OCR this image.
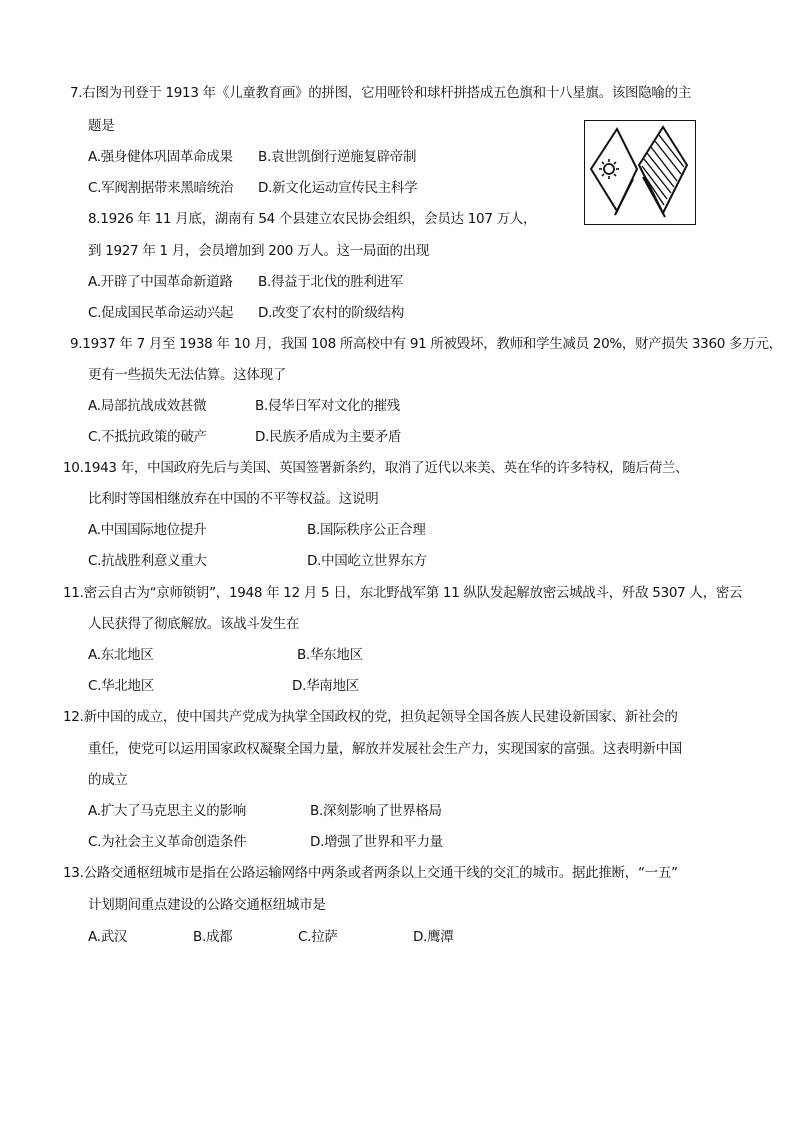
7.右图为刊登于 1913 年《儿童教育画》的拼图，它用哑铃和球杆拼搭成五色旗和十八星旗。该图隐喻的主
题是
A.强身健体巩固革命成果 B.袁世凯倒行逆施复辟帝制
C.军阀割据带来黑暗统治 D.新文化运动宣传民主科学
8.1926 年 11 月底，湖南有 54 个县建立农民协会组织，会员达 107 万人，
到 1927 年 1 月，会员增加到 200 万人。这一局面的出现
A.开辟了中国革命新道路 B.得益于北伐的胜利进军
C.促成国民革命运动兴起 D.改变了农村的阶级结构
9.1937 年 7 月至 1938 年 10 月，我国 108 所高校中有 91 所被毁坏，教师和学生减员 20%，财产损失 3360 多万元，
更有一些损失无法估算。这体现了
A.局部抗战成效甚微	B.侵华日军对文化的摧残
C.不抵抗政策的破产	D.民族矛盾成为主要矛盾
10.1943 年，中国政府先后与美国、英国签署新条约，取消了近代以来美、英在华的许多特权，随后荷兰、
比利时等国相继放弃在中国的不平等权益。这说明
A.中国国际地位提升	B.国际秩序公正合理
C.抗战胜利意义重大	D.中国屹立世界东方
11.密云自古为“京师锁钥”，1948 年 12 月 5 日，东北野战军第 11 纵队发起解放密云城战斗，歼敌 5307 人，密云
人民获得了彻底解放。该战斗发生在
A.东北地区	B.华东地区
C.华北地区	D.华南地区
12.新中国的成立，使中国共产党成为执掌全国政权的党，担负起领导全国各族人民建设新国家、新社会的
重任，使党可以运用国家政权凝聚全国力量，解放并发展社会生产力，实现国家的富强。这表明新中国
的成立
A.扩大了马克思主义的影响	B.深刻影响了世界格局
C.为社会主义革命创造条件	D.增强了世界和平力量
13.公路交通枢纽城市是指在公路运输网络中两条或者两条以上交通干线的交汇的城市。据此推断，“一五”
计划期间重点建设的公路交通枢纽城市是
A.武汉	B.成都	C.拉萨	D.鹰潭
